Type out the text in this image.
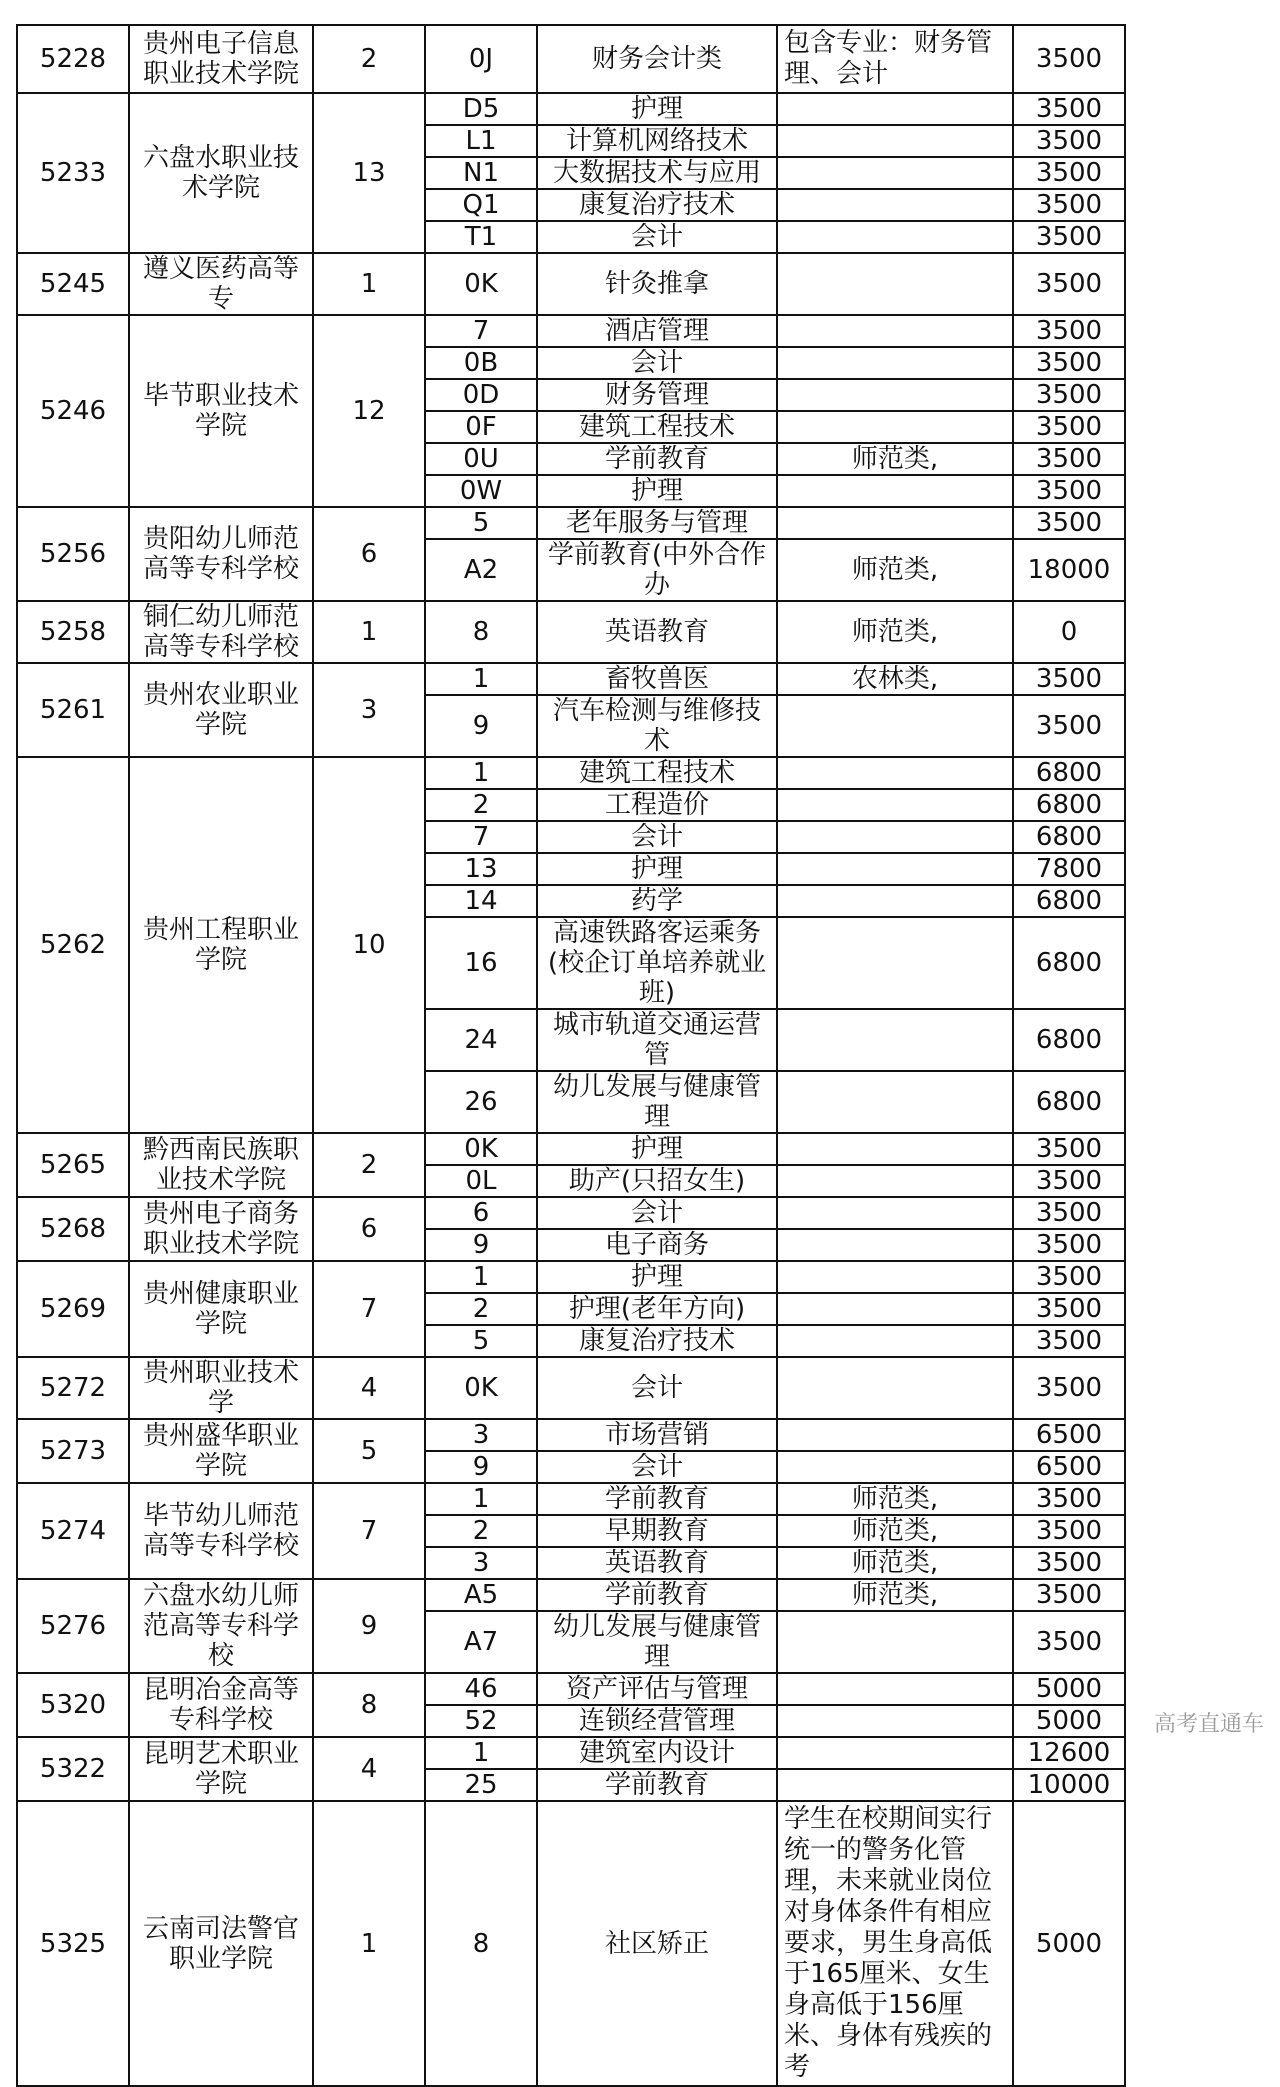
5228	贵州电子信息职业技术学院	2	0J	财务会计类	包含专业：财务管理、会计	3500
5233	六盘水职业技术学院	13	D5	护理		3500
			L1	计算机网络技术		3500
			N1	大数据技术与应用		3500
			Q1	康复治疗技术		3500
			T1	会计		3500
5245	遵义医药高等专	1	0K	针灸推拿		3500
5246	毕节职业技术学院	12	7	酒店管理		3500
			0B	会计		3500
			0D	财务管理		3500
			0F	建筑工程技术		3500
			0U	学前教育	师范类,	3500
			0W	护理		3500
5256	贵阳幼儿师范高等专科学校	6	5	老年服务与管理		3500
			A2	学前教育(中外合作办	师范类,	18000
5258	铜仁幼儿师范高等专科学校	1	8	英语教育	师范类,	0
5261	贵州农业职业学院	3	1	畜牧兽医	农林类,	3500
			9	汽车检测与维修技术		3500
5262	贵州工程职业学院	10	1	建筑工程技术		6800
			2	工程造价		6800
			7	会计		6800
			13	护理		7800
			14	药学		6800
			16	高速铁路客运乘务(校企订单培养就业班)		6800
			24	城市轨道交通运营管		6800
			26	幼儿发展与健康管理		6800
5265	黔西南民族职业技术学院	2	0K	护理		3500
			0L	助产(只招女生)		3500
5268	贵州电子商务职业技术学院	6	6	会计		3500
			9	电子商务		3500
5269	贵州健康职业学院	7	1	护理		3500
			2	护理(老年方向)		3500
			5	康复治疗技术		3500
5272	贵州职业技术学	4	0K	会计		3500
5273	贵州盛华职业学院	5	3	市场营销		6500
			9	会计		6500
5274	毕节幼儿师范高等专科学校	7	1	学前教育	师范类,	3500
			2	早期教育	师范类,	3500
			3	英语教育	师范类,	3500
5276	六盘水幼儿师范高等专科学校	9	A5	学前教育	师范类,	3500
			A7	幼儿发展与健康管理		3500
5320	昆明冶金高等专科学校	8	46	资产评估与管理		5000
			52	连锁经营管理		5000
5322	昆明艺术职业学院	4	1	建筑室内设计		12600
			25	学前教育		10000
5325	云南司法警官职业学院	1	8	社区矫正	学生在校期间实行统一的警务化管理，未来就业岗位对身体条件有相应要求，男生身高低于165厘米、女生身高低于156厘米、身体有残疾的考	5000
高考直通车
